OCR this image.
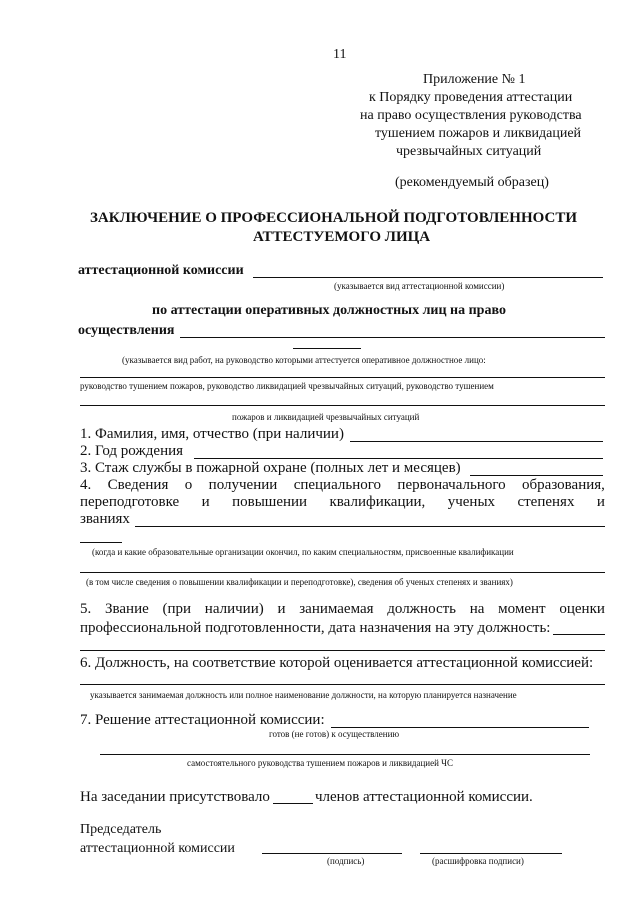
11
Приложение № 1
к Порядку проведения аттестации
на право осуществления руководства
тушением пожаров и ликвидацией
чрезвычайных ситуаций
(рекомендуемый образец)
ЗАКЛЮЧЕНИЕ О ПРОФЕССИОНАЛЬНОЙ ПОДГОТОВЛЕННОСТИ
АТТЕСТУЕМОГО ЛИЦА
аттестационной комиссии
(указывается вид аттестационной комиссии)
по аттестации оперативных должностных лиц на право
осуществления
(указывается вид работ, на руководство которыми аттестуется оперативное должностное лицо:
руководство тушением пожаров, руководство ликвидацией чрезвычайных ситуаций, руководство тушением
пожаров и ликвидацией чрезвычайных ситуаций
1. Фамилия, имя, отчество (при наличии)
2. Год рождения
3. Стаж службы в пожарной охране (полных лет и месяцев)
4. Сведения о получении специального первоначального образования,
переподготовке и повышении квалификации, ученых степенях и
званиях
(когда и какие образовательные организации окончил, по каким специальностям, присвоенные квалификации
(в том числе сведения о повышении квалификации и переподготовке), сведения об ученых степенях и званиях)
5. Звание (при наличии) и занимаемая должность на момент оценки
профессиональной подготовленности, дата назначения на эту должность:
6. Должность, на соответствие которой оценивается аттестационной комиссией:
указывается занимаемая должность или полное наименование должности, на которую планируется назначение
7. Решение аттестационной комиссии:
готов (не готов) к осуществлению
самостоятельного руководства тушением пожаров и ликвидацией ЧС
На заседании присутствовало	членов аттестационной комиссии.
Председатель
аттестационной комиссии
(подпись)	(расшифровка подписи)
